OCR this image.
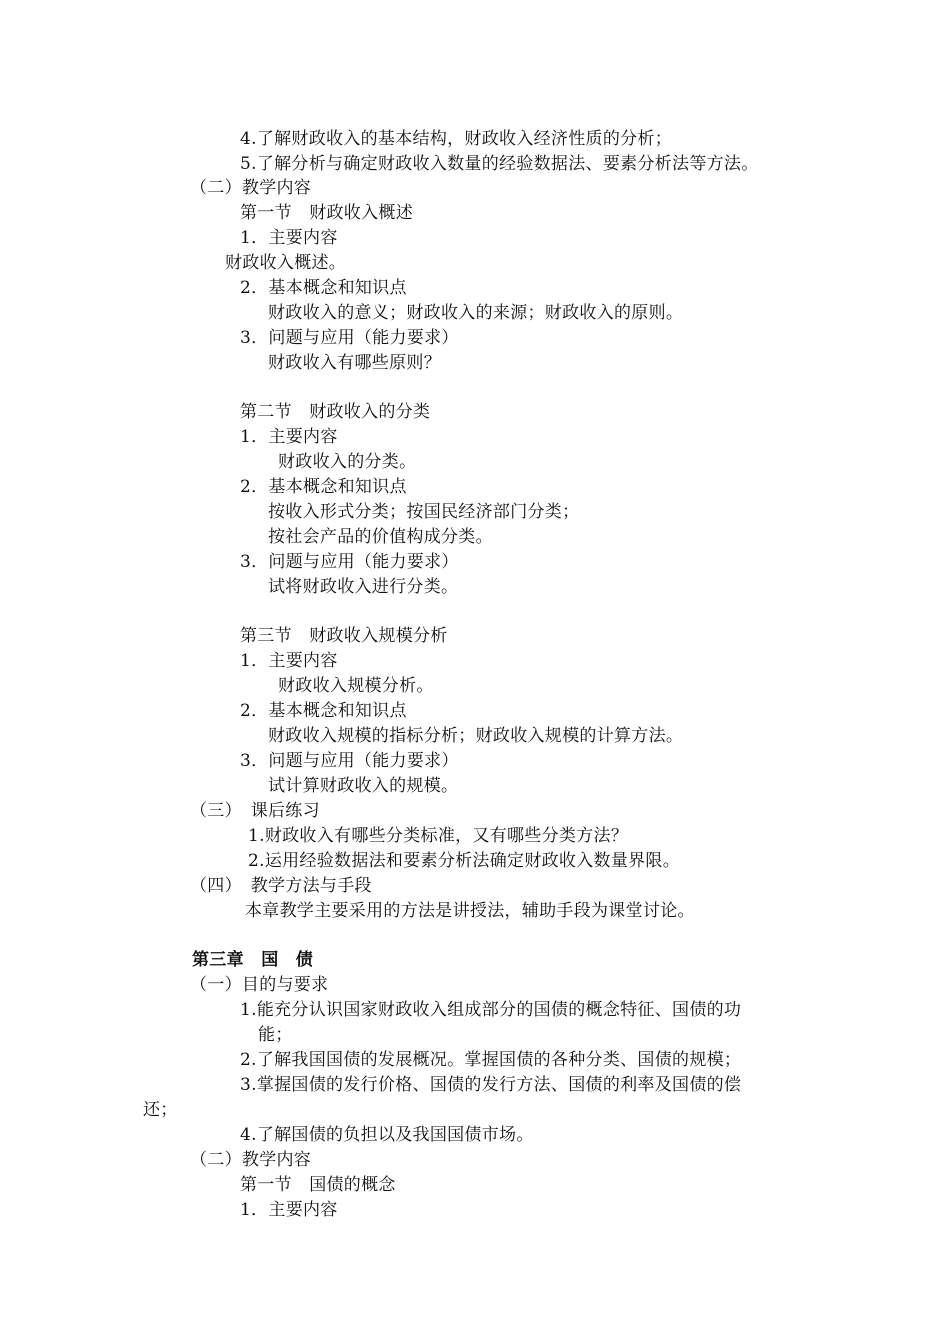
4.了解财政收入的基本结构，财政收入经济性质的分析；
5.了解分析与确定财政收入数量的经验数据法、要素分析法等方法。
（二）教学内容
第一节　财政收入概述
1．主要内容
财政收入概述。
2．基本概念和知识点
财政收入的意义；财政收入的来源；财政收入的原则。
3．问题与应用（能力要求）
财政收入有哪些原则？
第二节　财政收入的分类
1．主要内容
财政收入的分类。
2．基本概念和知识点
按收入形式分类；按国民经济部门分类；
按社会产品的价值构成分类。
3．问题与应用（能力要求）
试将财政收入进行分类。
第三节　财政收入规模分析
1．主要内容
财政收入规模分析。
2．基本概念和知识点
财政收入规模的指标分析；财政收入规模的计算方法。
3．问题与应用（能力要求）
试计算财政收入的规模。
（三）　课后练习
1.财政收入有哪些分类标准，又有哪些分类方法？
2.运用经验数据法和要素分析法确定财政收入数量界限。
（四）　教学方法与手段
本章教学主要采用的方法是讲授法，辅助手段为课堂讨论。
第三章　国　债
（一）目的与要求
1.能充分认识国家财政收入组成部分的国债的概念特征、国债的功
能；
2.了解我国国债的发展概况。掌握国债的各种分类、国债的规模；
3.掌握国债的发行价格、国债的发行方法、国债的利率及国债的偿
还；
4.了解国债的负担以及我国国债市场。
（二）教学内容
第一节　国债的概念
1．主要内容
